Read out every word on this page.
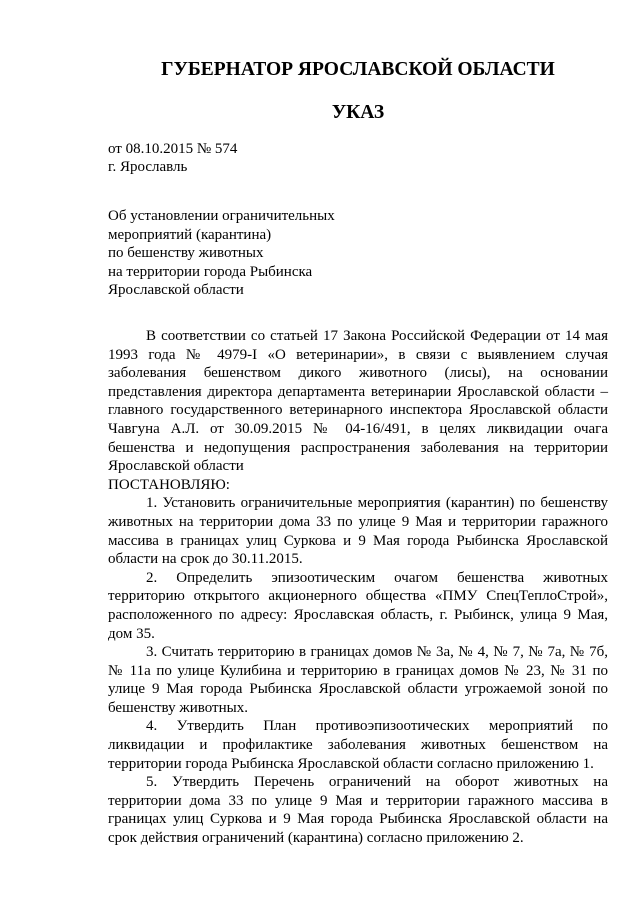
ГУБЕРНАТОР ЯРОСЛАВСКОЙ ОБЛАСТИ
УКАЗ
от 08.10.2015 № 574
г. Ярославль
Об установлении ограничительных
мероприятий (карантина)
по бешенству животных
на территории города Рыбинска
Ярославской области

В соответствии со статьей 17 Закона Российской Федерации от 14 мая 1993 года № 4979-I «О ветеринарии», в связи с выявлением случая заболевания бешенством дикого животного (лисы), на основании представления директора департамента ветеринарии Ярославской области – главного государственного ветеринарного инспектора Ярославской области Чавгуна А.Л. от 30.09.2015 № 04-16/491, в целях ликвидации очага бешенства и недопущения распространения заболевания на территории Ярославской области

ПОСТАНОВЛЯЮ:

1. Установить ограничительные мероприятия (карантин) по бешенству животных на территории дома 33 по улице 9 Мая и территории гаражного массива в границах улиц Суркова и 9 Мая города Рыбинска Ярославской области на срок до 30.11.2015.

2. Определить эпизоотическим очагом бешенства животных территорию открытого акционерного общества «ПМУ СпецТеплоСтрой», расположенного по адресу: Ярославская область, г. Рыбинск, улица 9 Мая, дом 35.

3. Считать территорию в границах домов № 3а, № 4, № 7, № 7а, № 7б, № 11а по улице Кулибина и территорию в границах домов № 23, № 31 по улице 9 Мая города Рыбинска Ярославской области угрожаемой зоной по бешенству животных.

4. Утвердить План противоэпизоотических мероприятий по ликвидации и профилактике заболевания животных бешенством на территории города Рыбинска Ярославской области согласно приложению 1.

5. Утвердить Перечень ограничений на оборот животных на территории дома 33 по улице 9 Мая и территории гаражного массива в границах улиц Суркова и 9 Мая города Рыбинска Ярославской области на срок действия ограничений (карантина) согласно приложению 2.
